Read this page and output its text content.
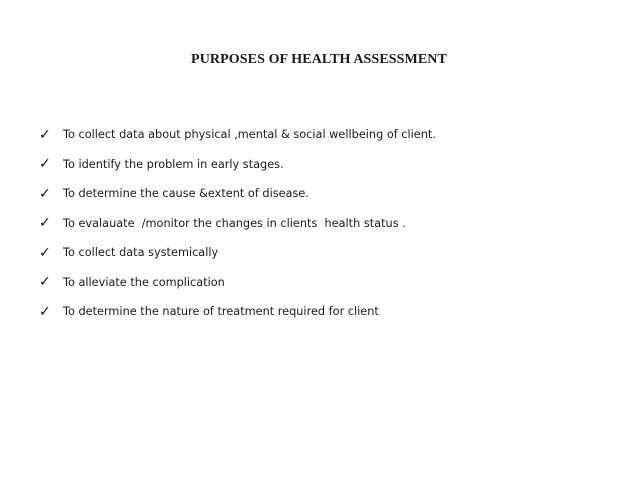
PURPOSES OF HEALTH ASSESSMENT
✓	To collect data about physical ,mental & social wellbeing of client.
✓	To identify the problem in early stages.
✓	To determine the cause &extent of disease.
✓	To evalauate  /monitor the changes in clients  health status .
✓	To collect data systemically
✓	To alleviate the complication
✓	To determine the nature of treatment required for client
